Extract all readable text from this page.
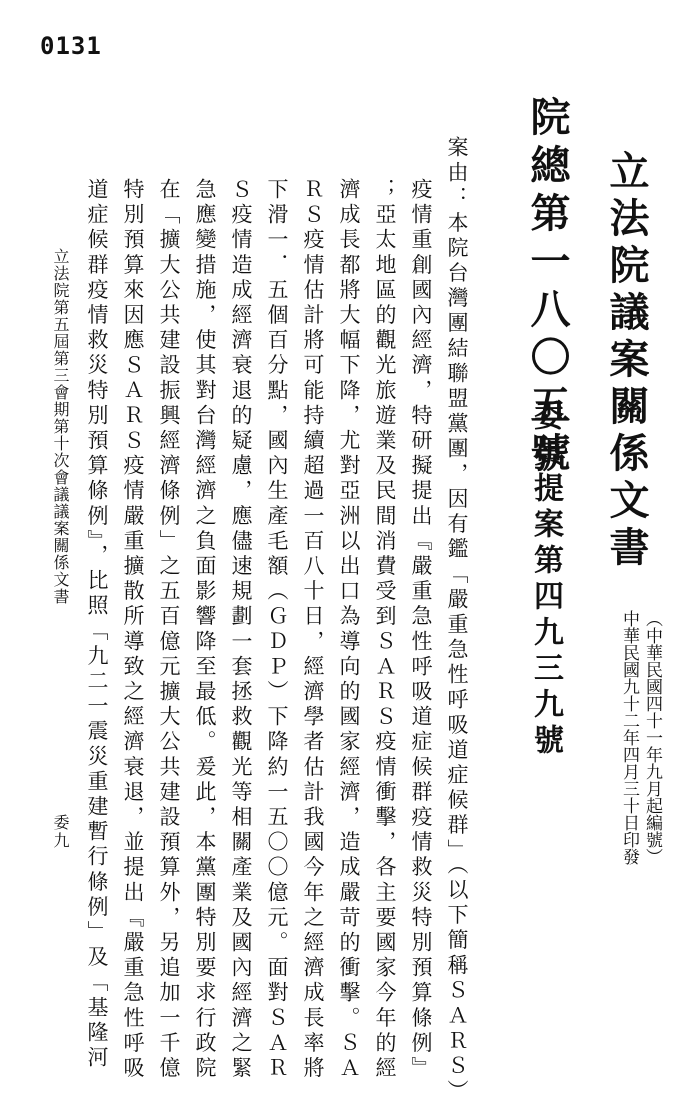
0131
立法院議案關係文書
（中華民國四十一年九月起編號）
中華民國九十二年四月三十日印發
院總第一八〇五號
委員提案第四九三九號
案由：本院台灣團結聯盟黨團，因有鑑「嚴重急性呼吸道症候群」（以下簡稱ＳＡＲＳ）
疫情重創國內經濟，特研擬提出『嚴重急性呼吸道症候群疫情救災特別預算條例』
；亞太地區的觀光旅遊業及民間消費受到ＳＡＲＳ疫情衝擊，各主要國家今年的經
濟成長都將大幅下降，尤對亞洲以出口為導向的國家經濟，造成嚴苛的衝擊。ＳＡ
ＲＳ疫情估計將可能持續超過一百八十日，經濟學者估計我國今年之經濟成長率將
下滑一．五個百分點，國內生產毛額（ＧＤＰ）下降約一五〇〇億元。面對ＳＡＲ
Ｓ疫情造成經濟衰退的疑慮，應儘速規劃一套拯救觀光等相關產業及國內經濟之緊
急應變措施，使其對台灣經濟之負面影響降至最低。爰此，本黨團特別要求行政院
在「擴大公共建設振興經濟條例」之五百億元擴大公共建設預算外，另追加一千億
特別預算來因應ＳＡＲＳ疫情嚴重擴散所導致之經濟衰退，並提出『嚴重急性呼吸
道症候群疫情救災特別預算條例』，比照「九二一震災重建暫行條例」及「基隆河
立法院第五屆第三會期第十次會議議案關係文書
委九
